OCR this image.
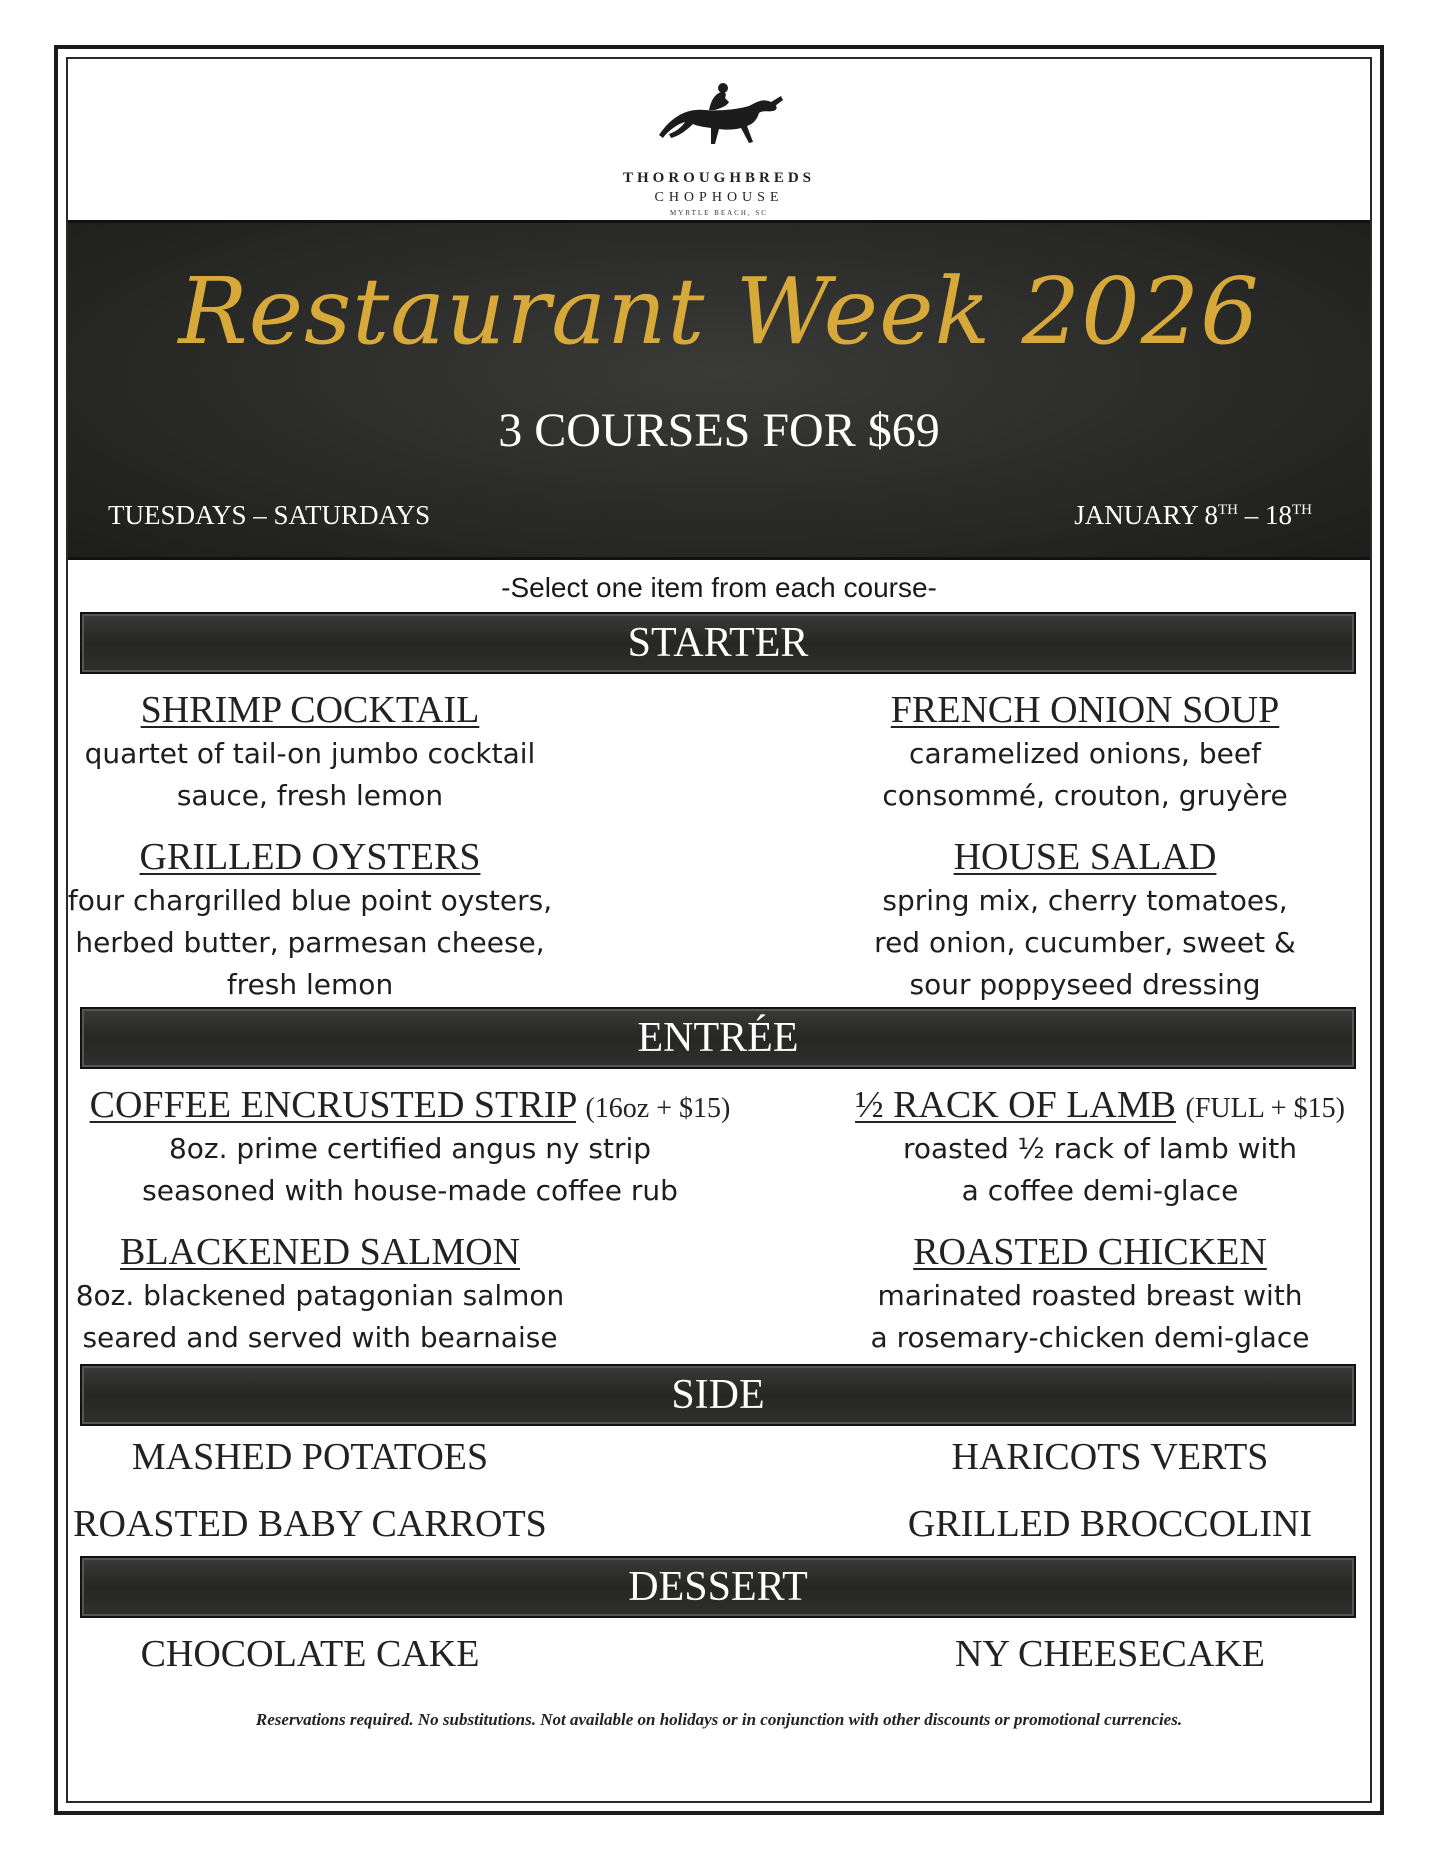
THOROUGHBREDS
CHOPHOUSE
MYRTLE BEACH, SC
Restaurant Week 2026
3 COURSES FOR $69
TUESDAYS – SATURDAYS	JANUARY 8TH – 18TH
-Select one item from each course-
STARTER
SHRIMP COCKTAIL
quartet of tail-on jumbo cocktail
sauce, fresh lemon
FRENCH ONION SOUP
caramelized onions, beef
consommé, crouton, gruyère
GRILLED OYSTERS
four chargrilled blue point oysters,
herbed butter, parmesan cheese,
fresh lemon
HOUSE SALAD
spring mix, cherry tomatoes,
red onion, cucumber, sweet &
sour poppyseed dressing
ENTRÉE
COFFEE ENCRUSTED STRIP (16oz + $15)
8oz. prime certified angus ny strip
seasoned with house-made coffee rub
½ RACK OF LAMB (FULL + $15)
roasted ½ rack of lamb with
a coffee demi-glace
BLACKENED SALMON
8oz. blackened patagonian salmon
seared and served with bearnaise
ROASTED CHICKEN
marinated roasted breast with
a rosemary-chicken demi-glace
SIDE
MASHED POTATOES	HARICOTS VERTS
ROASTED BABY CARROTS	GRILLED BROCCOLINI
DESSERT
CHOCOLATE CAKE	NY CHEESECAKE
Reservations required. No substitutions. Not available on holidays or in conjunction with other discounts or promotional currencies.
